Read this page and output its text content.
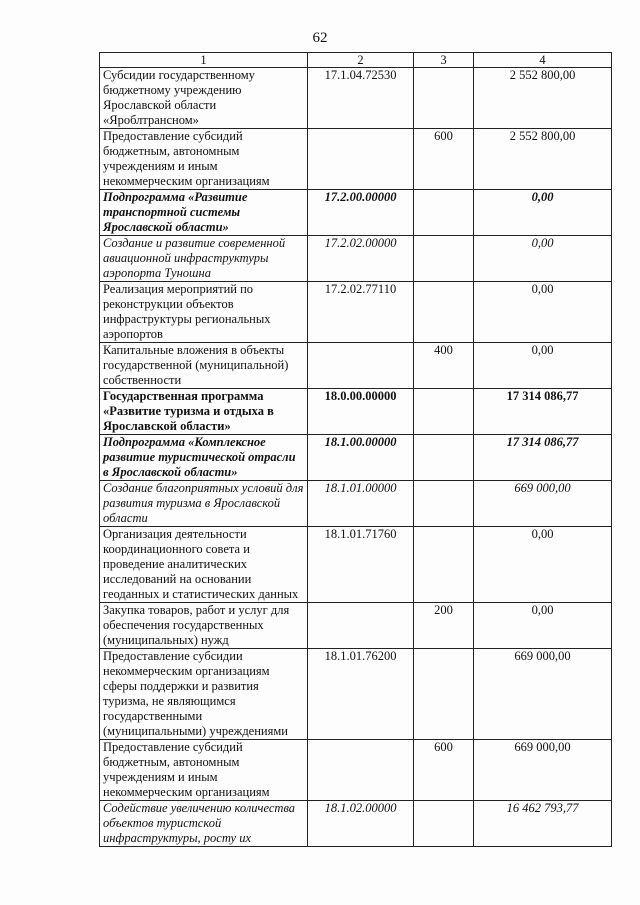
62
1	2	3	4
Субсидии государственному бюджетному учреждению Ярославской области «Яроблтрансном»	17.1.04.72530		2 552 800,00
Предоставление субсидий бюджетным, автономным учреждениям и иным некоммерческим организациям		600	2 552 800,00
Подпрограмма «Развитие транспортной системы Ярославской области»	17.2.00.00000		0,00
Создание и развитие современной авиационной инфраструктуры аэропорта Туношна	17.2.02.00000		0,00
Реализация мероприятий по реконструкции объектов инфраструктуры региональных аэропортов	17.2.02.77110		0,00
Капитальные вложения в объекты государственной (муниципальной) собственности		400	0,00
Государственная программа «Развитие туризма и отдыха в Ярославской области»	18.0.00.00000		17 314 086,77
Подпрограмма «Комплексное развитие туристической отрасли в Ярославской области»	18.1.00.00000		17 314 086,77
Создание благоприятных условий для развития туризма в Ярославской области	18.1.01.00000		669 000,00
Организация деятельности координационного совета и проведение аналитических исследований на основании геоданных и статистических данных	18.1.01.71760		0,00
Закупка товаров, работ и услуг для обеспечения государственных (муниципальных) нужд		200	0,00
Предоставление субсидии некоммерческим организациям сферы поддержки и развития туризма, не являющимся государственными (муниципальными) учреждениями	18.1.01.76200		669 000,00
Предоставление субсидий бюджетным, автономным учреждениям и иным некоммерческим организациям		600	669 000,00
Содействие увеличению количества объектов туристской инфраструктуры, росту их	18.1.02.00000		16 462 793,77
